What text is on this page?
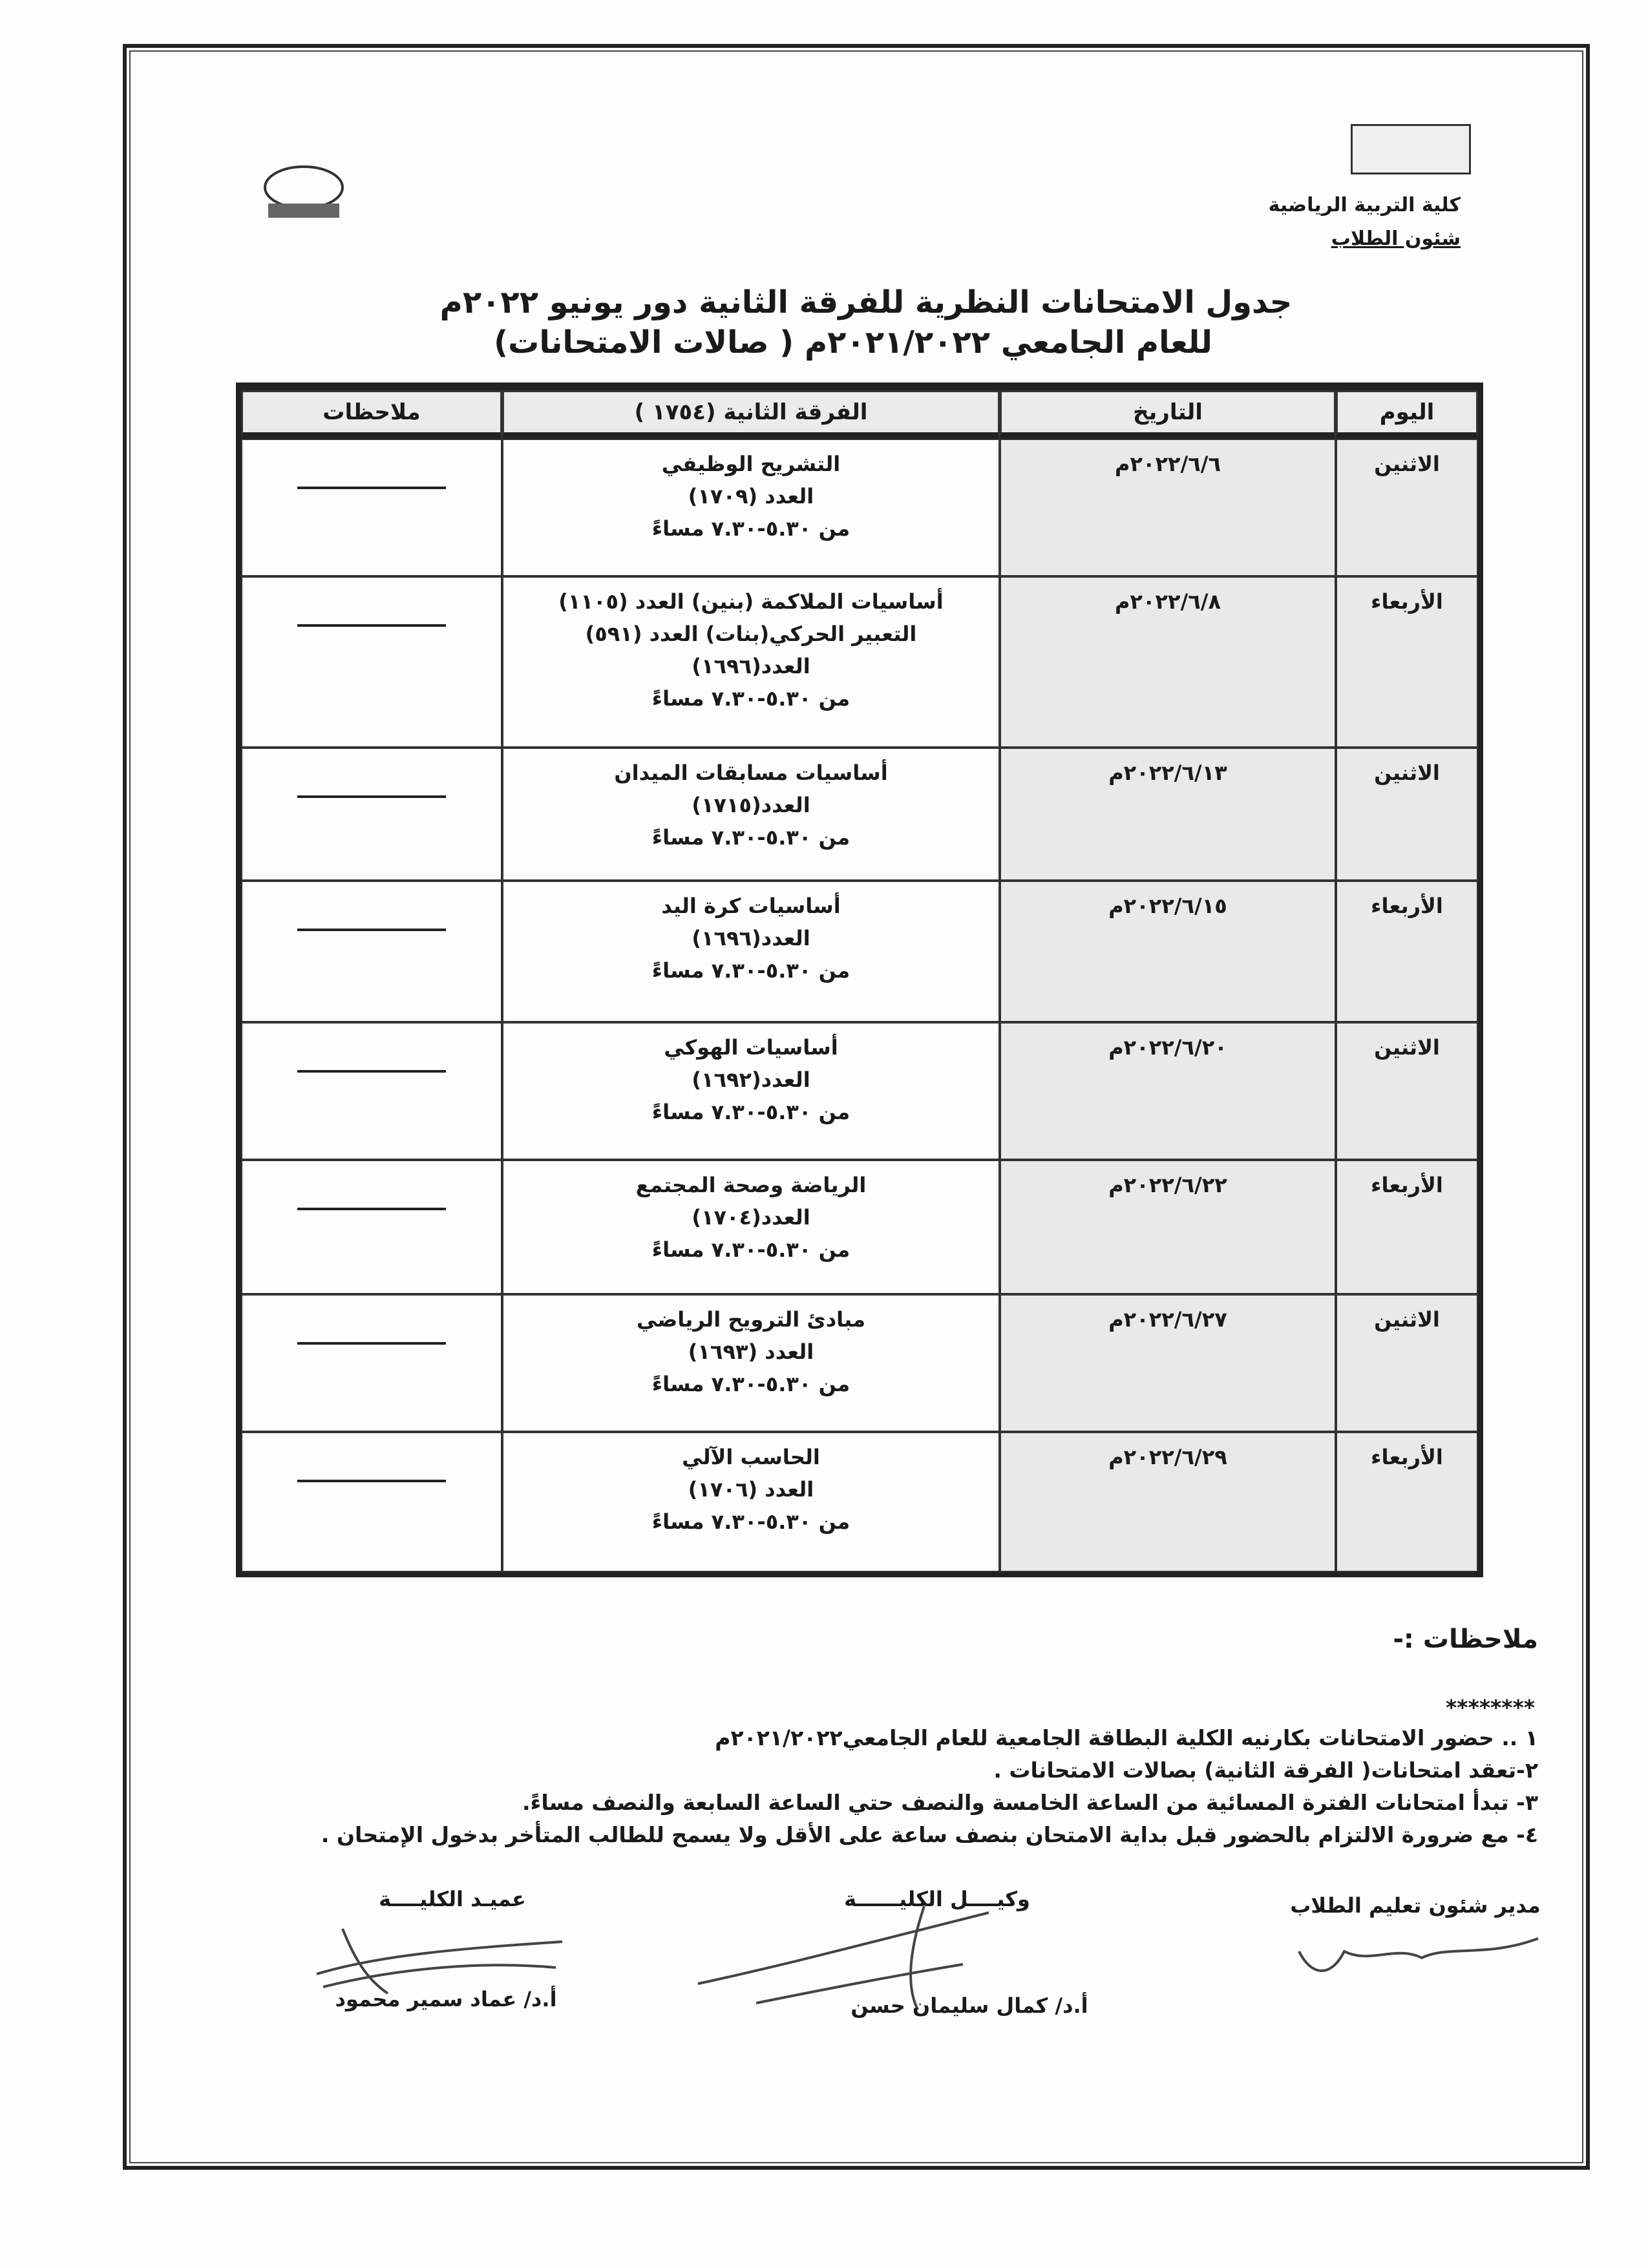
كلية التربية الرياضية
شئون الطلاب
جدول الامتحانات النظرية للفرقة الثانية دور يونيو ٢٠٢٢م
للعام الجامعي ٢٠٢١/٢٠٢٢م ( صالات الامتحانات)
اليوم	التاريخ	الفرقة الثانية (١٧٥٤ )	ملاحظات
الاثنين	٢٠٢٢/٦/٦م	التشريح الوظيفي
العدد (١٧٠٩)
من ٥.٣٠-٧.٣٠ مساءً	

الأربعاء	٢٠٢٢/٦/٨م	أساسيات الملاكمة (بنين) العدد (١١٠٥)
التعبير الحركي(بنات) العدد (٥٩١)
العدد(١٦٩٦)
من ٥.٣٠-٧.٣٠ مساءً	

الاثنين	٢٠٢٢/٦/١٣م	أساسيات مسابقات الميدان
العدد(١٧١٥)
من ٥.٣٠-٧.٣٠ مساءً	

الأربعاء	٢٠٢٢/٦/١٥م	أساسيات كرة اليد
العدد(١٦٩٦)
من ٥.٣٠-٧.٣٠ مساءً	

الاثنين	٢٠٢٢/٦/٢٠م	أساسيات الهوكي
العدد(١٦٩٢)
من ٥.٣٠-٧.٣٠ مساءً	

الأربعاء	٢٠٢٢/٦/٢٢م	الرياضة وصحة المجتمع
العدد(١٧٠٤)
من ٥.٣٠-٧.٣٠ مساءً	

الاثنين	٢٠٢٢/٦/٢٧م	مبادئ الترويح الرياضي
العدد (١٦٩٣)
من ٥.٣٠-٧.٣٠ مساءً	

الأربعاء	٢٠٢٢/٦/٢٩م	الحاسب الآلي
العدد (١٧٠٦)
من ٥.٣٠-٧.٣٠ مساءً	

ملاحظات :-
********
١ .. حضور الامتحانات بكارنيه الكلية البطاقة الجامعية للعام الجامعي٢٠٢١/٢٠٢٢م
٢-تعقد امتحانات( الفرقة الثانية) بصالات الامتحانات .
٣- تبدأ امتحانات الفترة المسائية من الساعة الخامسة والنصف حتي الساعة السابعة والنصف مساءً.
٤- مع ضرورة الالتزام بالحضور قبل بداية الامتحان بنصف ساعة على الأقل ولا يسمح للطالب المتأخر بدخول الإمتحان .
عميـد الكليــــة
أ.د/ عماد سمير محمود
وكيــــل الكليــــــة
أ.د/ كمال سليمان حسن
مدير شئون تعليم الطلاب
